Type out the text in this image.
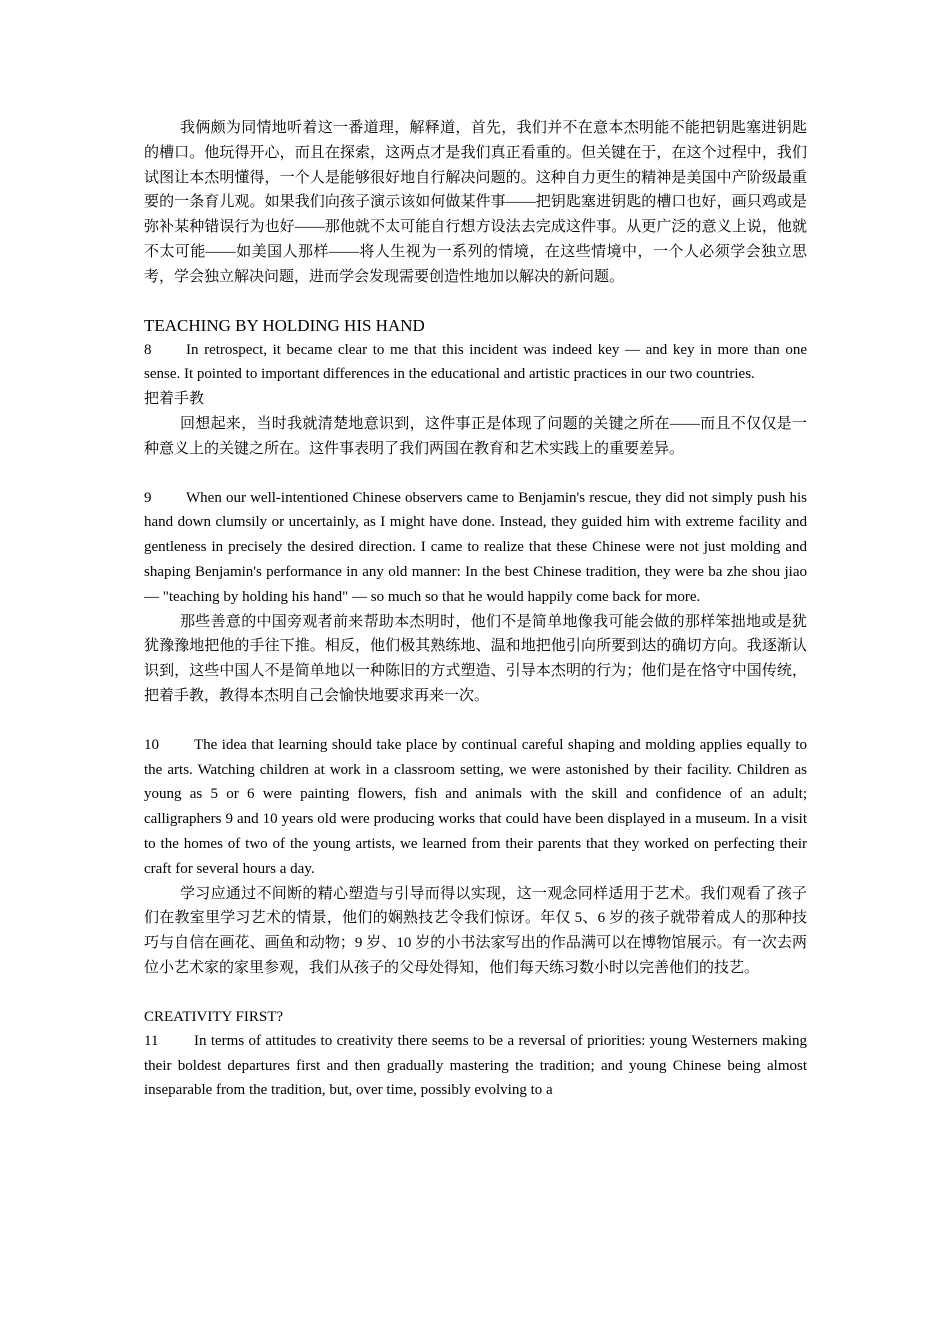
我俩颇为同情地听着这一番道理，解释道，首先，我们并不在意本杰明能不能把钥匙塞进钥匙的槽口。他玩得开心，而且在探索，这两点才是我们真正看重的。但关键在于，在这个过程中，我们试图让本杰明懂得，一个人是能够很好地自行解决问题的。这种自力更生的精神是美国中产阶级最重要的一条育儿观。如果我们向孩子演示该如何做某件事——把钥匙塞进钥匙的槽口也好，画只鸡或是弥补某种错误行为也好——那他就不太可能自行想方设法去完成这件事。从更广泛的意义上说，他就不太可能——如美国人那样——将人生视为一系列的情境，在这些情境中，一个人必须学会独立思考，学会独立解决问题，进而学会发现需要创造性地加以解决的新问题。

TEACHING BY HOLDING HIS HAND

8 In retrospect, it became clear to me that this incident was indeed key — and key in more than one sense. It pointed to important differences in the educational and artistic practices in our two countries.

把着手教

回想起来，当时我就清楚地意识到，这件事正是体现了问题的关键之所在——而且不仅仅是一种意义上的关键之所在。这件事表明了我们两国在教育和艺术实践上的重要差异。

9 When our well-intentioned Chinese observers came to Benjamin's rescue, they did not simply push his hand down clumsily or uncertainly, as I might have done. Instead, they guided him with extreme facility and gentleness in precisely the desired direction. I came to realize that these Chinese were not just molding and shaping Benjamin's performance in any old manner: In the best Chinese tradition, they were ba zhe shou jiao — "teaching by holding his hand" — so much so that he would happily come back for more.

那些善意的中国旁观者前来帮助本杰明时，他们不是简单地像我可能会做的那样笨拙地或是犹犹豫豫地把他的手往下推。相反，他们极其熟练地、温和地把他引向所要到达的确切方向。我逐渐认识到，这些中国人不是简单地以一种陈旧的方式塑造、引导本杰明的行为；他们是在恪守中国传统，把着手教，教得本杰明自己会愉快地要求再来一次。

10 The idea that learning should take place by continual careful shaping and molding applies equally to the arts. Watching children at work in a classroom setting, we were astonished by their facility. Children as young as 5 or 6 were painting flowers, fish and animals with the skill and confidence of an adult; calligraphers 9 and 10 years old were producing works that could have been displayed in a museum. In a visit to the homes of two of the young artists, we learned from their parents that they worked on perfecting their craft for several hours a day.

学习应通过不间断的精心塑造与引导而得以实现，这一观念同样适用于艺术。我们观看了孩子们在教室里学习艺术的情景，他们的娴熟技艺令我们惊讶。年仅 5、6 岁的孩子就带着成人的那种技巧与自信在画花、画鱼和动物；9 岁、10 岁的小书法家写出的作品满可以在博物馆展示。有一次去两位小艺术家的家里参观，我们从孩子的父母处得知，他们每天练习数小时以完善他们的技艺。

CREATIVITY FIRST?

11 In terms of attitudes to creativity there seems to be a reversal of priorities: young Westerners making their boldest departures first and then gradually mastering the tradition; and young Chinese being almost inseparable from the tradition, but, over time, possibly evolving to a
